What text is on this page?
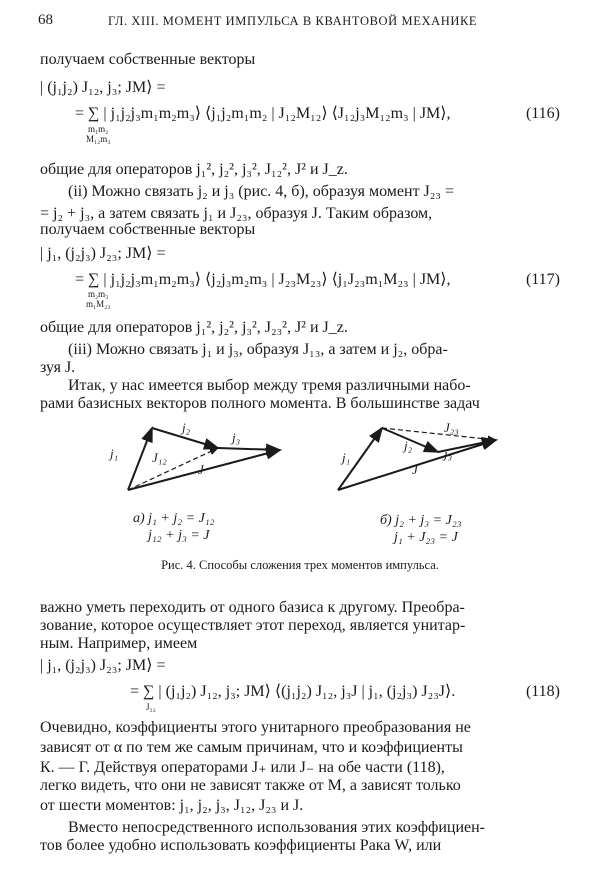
68	ГЛ. XIII. МОМЕНТ ИМПУЛЬСА В КВАНТОВОЙ МЕХАНИКЕ
получаем собственные векторы
| (j₁j₂) J₁₂, j₃; JM⟩ =
= ∑ | j₁j₂j₃m₁m₂m₃⟩ ⟨j₁j₂m₁m₂ | J₁₂M₁₂⟩ ⟨J₁₂j₃M₁₂m₃ | JM⟩,
m₁m₂
M₁₂m₃
(116)
общие для операторов j₁², j₂², j₃², J₁₂², J² и J_z.
(ii) Можно связать j₂ и j₃ (рис. 4, б), образуя момент J₂₃ =
= j₂ + j₃, а затем связать j₁ и J₂₃, образуя J. Таким образом,
получаем собственные векторы
| j₁, (j₂j₃) J₂₃; JM⟩ =
= ∑ | j₁j₂j₃m₁m₂m₃⟩ ⟨j₂j₃m₂m₃ | J₂₃M₂₃⟩ ⟨j₁J₂₃m₁M₂₃ | JM⟩,
m₂m₃
m₁M₂₃
(117)
общие для операторов j₁², j₂², j₃², J₂₃², J² и J_z.
(iii) Можно связать j₁ и j₃, образуя J₁₃, а затем и j₂, обра-
зуя J.
Итак, у нас имеется выбор между тремя различными набо-
рами базисных векторов полного момента. В большинстве задач
j₁
j₂
j₃
J₁₂
J
j₁
j₂
j₃
J₂₃
J
а) j₁ + j₂ = J₁₂
j₁₂ + j₃ = J
б) j₂ + j₃ = J₂₃
j₁ + J₂₃ = J
Рис. 4. Способы сложения трех моментов импульса.
важно уметь переходить от одного базиса к другому. Преобра-
зование, которое осуществляет этот переход, является унитар-
ным. Например, имеем
| j₁, (j₂j₃) J₂₃; JM⟩ =
= ∑ | (j₁j₂) J₁₂, j₃; JM⟩ ⟨(j₁j₂) J₁₂, j₃J | j₁, (j₂j₃) J₂₃J⟩.
J₁₂
(118)
Очевидно, коэффициенты этого унитарного преобразования не
зависят от α по тем же самым причинам, что и коэффициенты
К. — Г. Действуя операторами J₊ или J₋ на обе части (118),
легко видеть, что они не зависят также от M, а зависят только
от шести моментов: j₁, j₂, j₃, J₁₂, J₂₃ и J.
Вместо непосредственного использования этих коэффициен-
тов более удобно использовать коэффициенты Рака W, или
